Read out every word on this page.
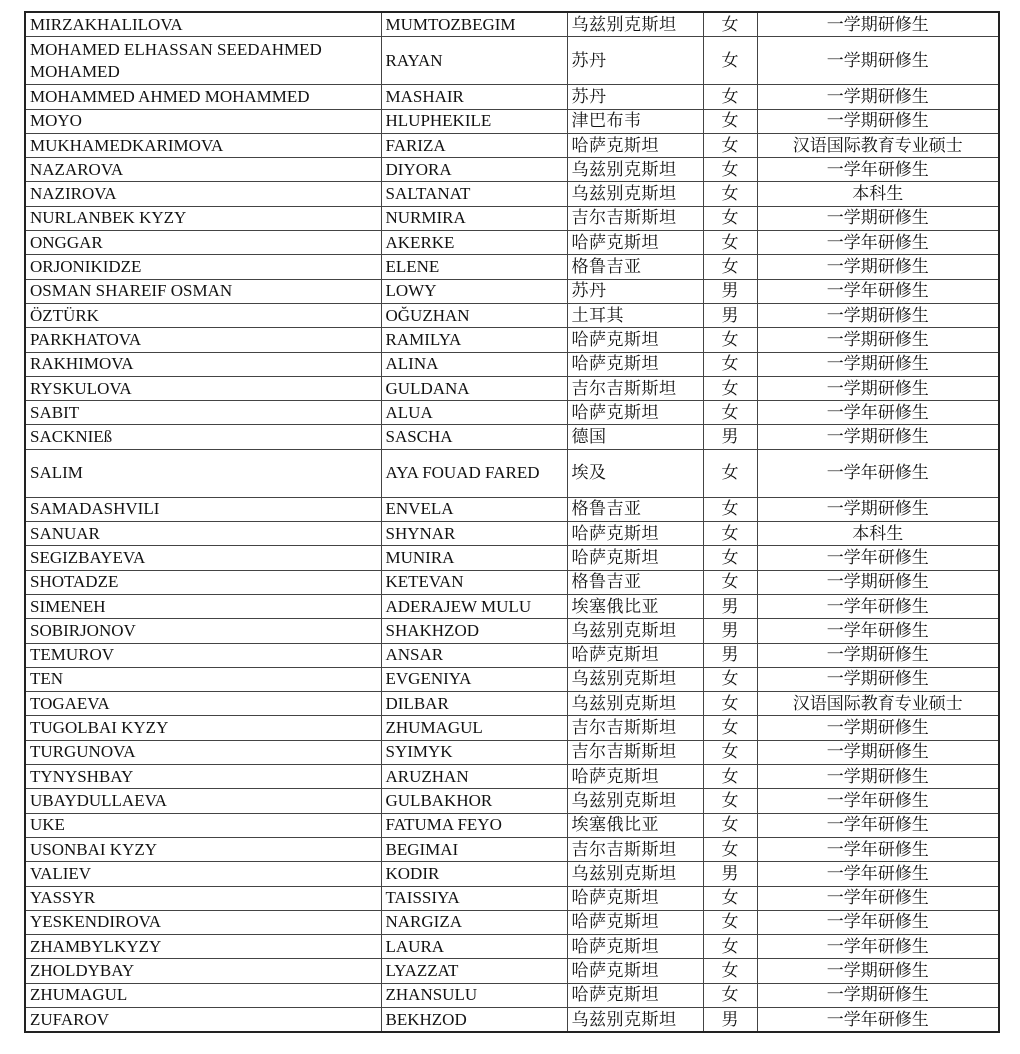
MIRZAKHALILOVA	MUMTOZBEGIM	乌兹别克斯坦	女	一学期研修生
MOHAMED ELHASSAN SEEDAHMED MOHAMED	RAYAN	苏丹	女	一学期研修生
MOHAMMED AHMED MOHAMMED	MASHAIR	苏丹	女	一学期研修生
MOYO	HLUPHEKILE	津巴布韦	女	一学期研修生
MUKHAMEDKARIMOVA	FARIZA	哈萨克斯坦	女	汉语国际教育专业硕士
NAZAROVA	DIYORA	乌兹别克斯坦	女	一学年研修生
NAZIROVA	SALTANAT	乌兹别克斯坦	女	本科生
NURLANBEK KYZY	NURMIRA	吉尔吉斯斯坦	女	一学期研修生
ONGGAR	AKERKE	哈萨克斯坦	女	一学年研修生
ORJONIKIDZE	ELENE	格鲁吉亚	女	一学期研修生
OSMAN SHAREIF OSMAN	LOWY	苏丹	男	一学年研修生
ÖZTÜRK	OĞUZHAN	土耳其	男	一学期研修生
PARKHATOVA	RAMILYA	哈萨克斯坦	女	一学期研修生
RAKHIMOVA	ALINA	哈萨克斯坦	女	一学期研修生
RYSKULOVA	GULDANA	吉尔吉斯斯坦	女	一学期研修生
SABIT	ALUA	哈萨克斯坦	女	一学年研修生
SACKNIEß	SASCHA	德国	男	一学期研修生
SALIM	AYA FOUAD FARED	埃及	女	一学年研修生
SAMADASHVILI	ENVELA	格鲁吉亚	女	一学期研修生
SANUAR	SHYNAR	哈萨克斯坦	女	本科生
SEGIZBAYEVA	MUNIRA	哈萨克斯坦	女	一学年研修生
SHOTADZE	KETEVAN	格鲁吉亚	女	一学期研修生
SIMENEH	ADERAJEW MULU	埃塞俄比亚	男	一学年研修生
SOBIRJONOV	SHAKHZOD	乌兹别克斯坦	男	一学年研修生
TEMUROV	ANSAR	哈萨克斯坦	男	一学期研修生
TEN	EVGENIYA	乌兹别克斯坦	女	一学期研修生
TOGAEVA	DILBAR	乌兹别克斯坦	女	汉语国际教育专业硕士
TUGOLBAI KYZY	ZHUMAGUL	吉尔吉斯斯坦	女	一学期研修生
TURGUNOVA	SYIMYK	吉尔吉斯斯坦	女	一学期研修生
TYNYSHBAY	ARUZHAN	哈萨克斯坦	女	一学期研修生
UBAYDULLAEVA	GULBAKHOR	乌兹别克斯坦	女	一学年研修生
UKE	FATUMA FEYO	埃塞俄比亚	女	一学年研修生
USONBAI KYZY	BEGIMAI	吉尔吉斯斯坦	女	一学年研修生
VALIEV	KODIR	乌兹别克斯坦	男	一学年研修生
YASSYR	TAISSIYA	哈萨克斯坦	女	一学年研修生
YESKENDIROVA	NARGIZA	哈萨克斯坦	女	一学年研修生
ZHAMBYLKYZY	LAURA	哈萨克斯坦	女	一学年研修生
ZHOLDYBAY	LYAZZAT	哈萨克斯坦	女	一学期研修生
ZHUMAGUL	ZHANSULU	哈萨克斯坦	女	一学期研修生
ZUFAROV	BEKHZOD	乌兹别克斯坦	男	一学年研修生
